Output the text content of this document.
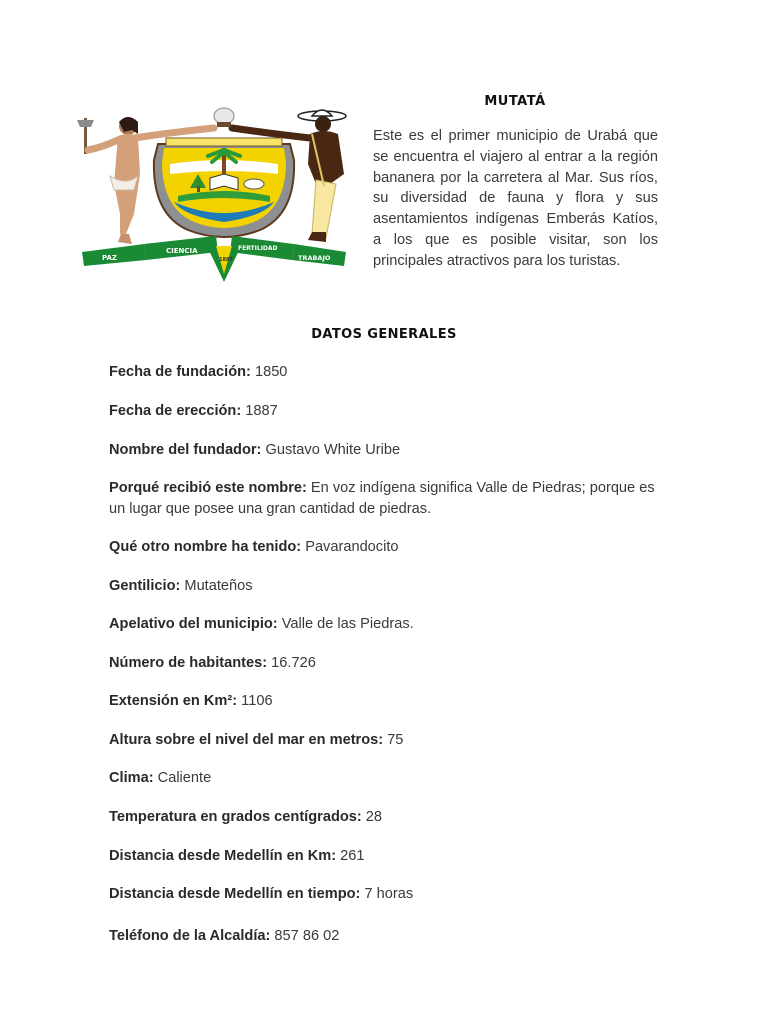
PAZ
CIENCIA	FERTILIDAD
TRABAJO
1887
MUTATÁ

Este es el primer municipio de Urabá que se encuentra el viajero al entrar a la región bananera por la carretera al Mar. Sus ríos, su diversidad de fauna y flora y sus asentamientos indígenas Emberás Katíos, a los que es posible visitar, son los principales atractivos para los turistas.

DATOS GENERALES

Fecha de fundación: 1850

Fecha de erección: 1887

Nombre del fundador: Gustavo White Uribe

Porqué recibió este nombre: En voz indígena significa Valle de Piedras; porque es un lugar que posee una gran cantidad de piedras.

Qué otro nombre ha tenido: Pavarandocito

Gentilicio: Mutateños

Apelativo del municipio: Valle de las Piedras.

Número de habitantes: 16.726

Extensión en Km²: 1106

Altura sobre el nivel del mar en metros: 75

Clima: Caliente

Temperatura en grados centígrados: 28

Distancia desde Medellín en Km: 261

Distancia desde Medellín en tiempo: 7 horas

Teléfono de la Alcaldía: 857 86 02
